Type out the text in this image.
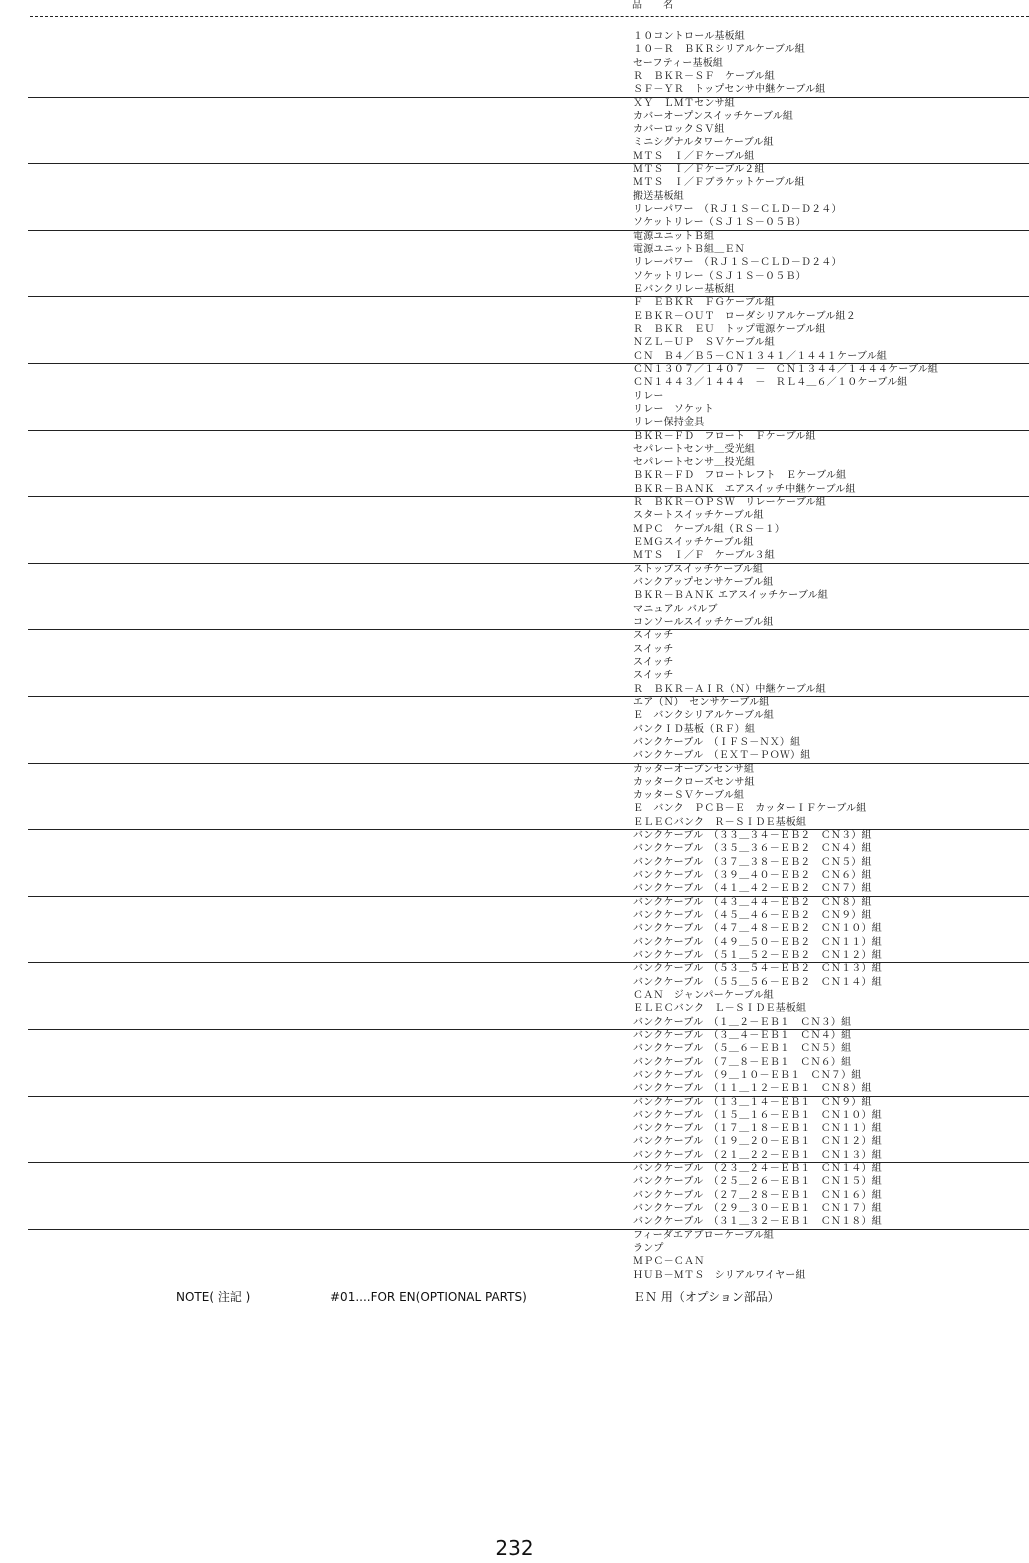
品 名
１０コントロール基板組
１０－Ｒ　ＢＫＲシリアルケーブル組
セーフティー基板組
Ｒ　ＢＫＲ－ＳＦ　ケーブル組
ＳＦ－ＹＲ　トップセンサ中継ケーブル組
ＸＹ　ＬＭＴセンサ組
カバーオープンスイッチケーブル組
カバーロックＳＶ組
ミニシグナルタワーケーブル組
ＭＴＳ　Ｉ／Ｆケーブル組
ＭＴＳ　Ｉ／Ｆケーブル２組
ＭＴＳ　Ｉ／Ｆブラケットケーブル組
搬送基板組
リレーパワー　（ＲＪ１Ｓ－ＣＬＤ－Ｄ２４）
ソケットリレー（ＳＪ１Ｓ－０５Ｂ）
電源ユニットＢ組
電源ユニットＢ組＿ＥＮ
リレーパワー　（ＲＪ１Ｓ－ＣＬＤ－Ｄ２４）
ソケットリレー（ＳＪ１Ｓ－０５Ｂ）
Ｅバンクリレー基板組
Ｆ　ＥＢＫＲ　ＦＧケーブル組
ＥＢＫＲ－ＯＵＴ　ローダシリアルケーブル組２
Ｒ　ＢＫＲ　ＥＵ　トップ電源ケーブル組
ＮＺＬ－ＵＰ　ＳＶケーブル組
ＣＮ　Ｂ４／Ｂ５－ＣＮ１３４１／１４４１ケーブル組
ＣＮ１３０７／１４０７　－　ＣＮ１３４４／１４４４ケーブル組
ＣＮ１４４３／１４４４　－　ＲＬ４＿６／１０ケーブル組
リレー
リレー　ソケット
リレー保持金具
ＢＫＲ－ＦＤ　フロート　Ｆケーブル組
セパレートセンサ＿受光組
セパレートセンサ＿投光組
ＢＫＲ－ＦＤ　フロートレフト　Ｅケーブル組
ＢＫＲ－ＢＡＮＫ　エアスイッチ中継ケーブル組
Ｒ　ＢＫＲ－ＯＰＳＷ　リレーケーブル組
スタートスイッチケーブル組
ＭＰＣ　ケーブル組（ＲＳ－１）
ＥＭＧスイッチケーブル組
ＭＴＳ　Ｉ／Ｆ　ケーブル３組
ストップスイッチケーブル組
バンクアップセンサケーブル組
ＢＫＲ－ＢＡＮＫ エアスイッチケーブル組
マニュアル バルブ
コンソールスイッチケーブル組
スイッチ
スイッチ
スイッチ
スイッチ
Ｒ　ＢＫＲ－ＡＩＲ（Ｎ）中継ケーブル組
エア（Ｎ）　センサケーブル組
Ｅ　バンクシリアルケーブル組
バンクＩＤ基板（ＲＦ）組
バンクケーブル　（ＩＦＳ－ＮＸ）組
バンクケーブル　（ＥＸＴ－ＰＯＷ）組
カッターオープンセンサ組
カッタークローズセンサ組
カッターＳＶケーブル組
Ｅ　バンク　ＰＣＢ－Ｅ　カッターＩＦケーブル組
ＥＬＥＣバンク　Ｒ－ＳＩＤＥ基板組
バンクケーブル　（３３＿３４－ＥＢ２　ＣＮ３）組
バンクケーブル　（３５＿３６－ＥＢ２　ＣＮ４）組
バンクケーブル　（３７＿３８－ＥＢ２　ＣＮ５）組
バンクケーブル　（３９＿４０－ＥＢ２　ＣＮ６）組
バンクケーブル　（４１＿４２－ＥＢ２　ＣＮ７）組
バンクケーブル　（４３＿４４－ＥＢ２　ＣＮ８）組
バンクケーブル　（４５＿４６－ＥＢ２　ＣＮ９）組
バンクケーブル　（４７＿４８－ＥＢ２　ＣＮ１０）組
バンクケーブル　（４９＿５０－ＥＢ２　ＣＮ１１）組
バンクケーブル　（５１＿５２－ＥＢ２　ＣＮ１２）組
バンクケーブル　（５３＿５４－ＥＢ２　ＣＮ１３）組
バンクケーブル　（５５＿５６－ＥＢ２　ＣＮ１４）組
ＣＡＮ　ジャンパーケーブル組
ＥＬＥＣバンク　Ｌ－ＳＩＤＥ基板組
バンクケーブル　（１＿２－ＥＢ１　ＣＮ３）組
バンクケーブル　（３＿４－ＥＢ１　ＣＮ４）組
バンクケーブル　（５＿６－ＥＢ１　ＣＮ５）組
バンクケーブル　（７＿８－ＥＢ１　ＣＮ６）組
バンクケーブル　（９＿１０－ＥＢ１　ＣＮ７）組
バンクケーブル　（１１＿１２－ＥＢ１　ＣＮ８）組
バンクケーブル　（１３＿１４－ＥＢ１　ＣＮ９）組
バンクケーブル　（１５＿１６－ＥＢ１　ＣＮ１０）組
バンクケーブル　（１７＿１８－ＥＢ１　ＣＮ１１）組
バンクケーブル　（１９＿２０－ＥＢ１　ＣＮ１２）組
バンクケーブル　（２１＿２２－ＥＢ１　ＣＮ１３）組
バンクケーブル　（２３＿２４－ＥＢ１　ＣＮ１４）組
バンクケーブル　（２５＿２６－ＥＢ１　ＣＮ１５）組
バンクケーブル　（２７＿２８－ＥＢ１　ＣＮ１６）組
バンクケーブル　（２９＿３０－ＥＢ１　ＣＮ１７）組
バンクケーブル　（３１＿３２－ＥＢ１　ＣＮ１８）組
フィーダエアブローケーブル組
ランプ
ＭＰＣ－ＣＡＮ
ＨＵＢ－ＭＴＳ　シリアルワイヤー組
NOTE( 注記 )	#01....FOR EN(OPTIONAL PARTS)	ＥＮ 用（オプション部品）
232
